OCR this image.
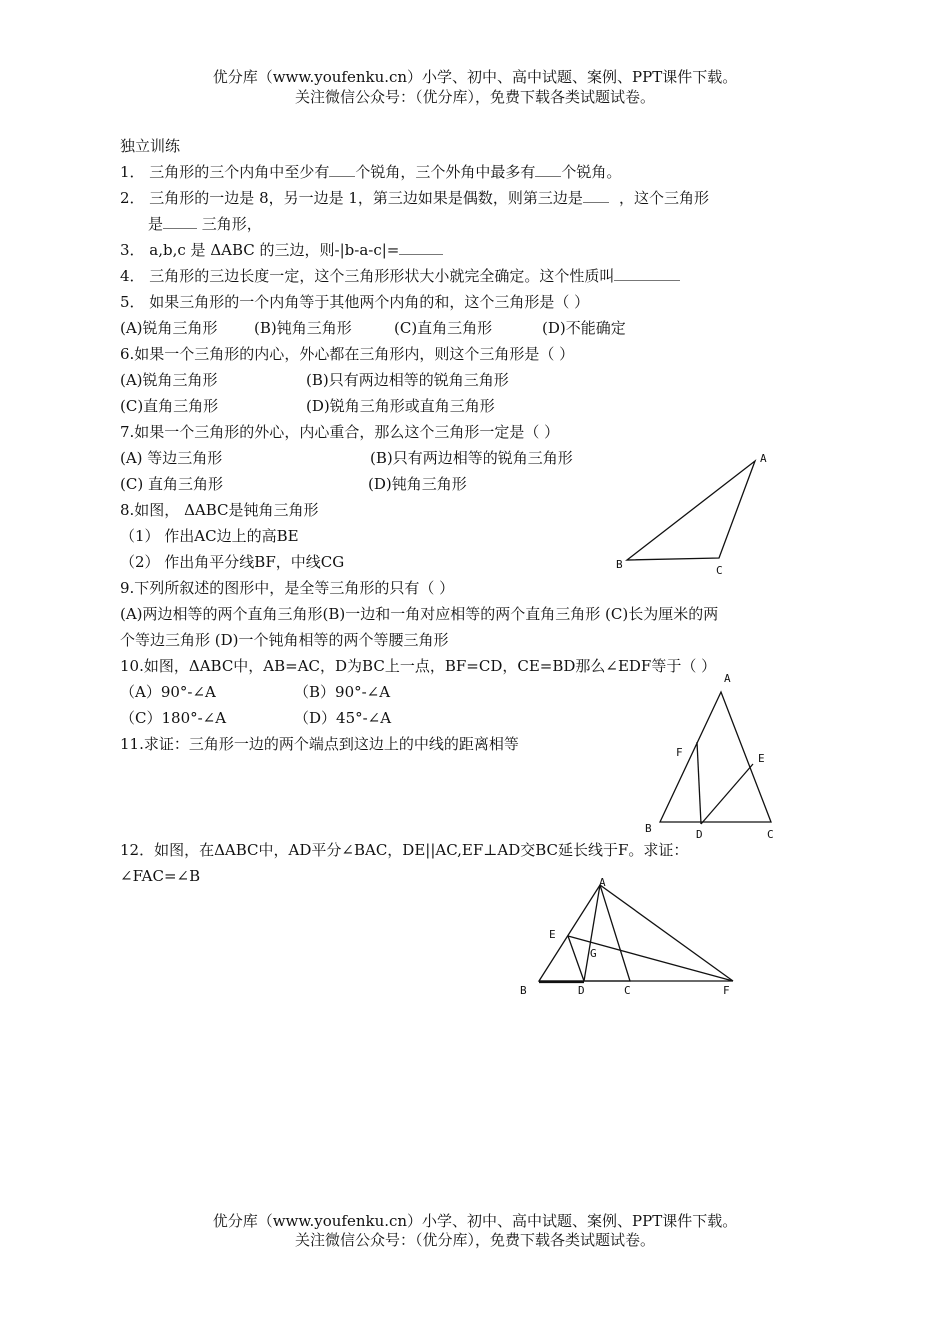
优分库（www.youfenku.cn）小学、初中、高中试题、案例、PPT课件下载。
关注微信公众号：（优分库），免费下载各类试题试卷。
独立训练
1． 三角形的三个内角中至少有 个锐角，三个外角中最多有 个锐角。
2． 三角形的一边是 8，另一边是 1，第三边如果是偶数，则第三边是 ，这个三角形
是 三角形，
3． a,b,c 是 ΔABC 的三边，则-|b-a-c|=
4． 三角形的三边长度一定，这个三角形形状大小就完全确定。这个性质叫
5． 如果三角形的一个内角等于其他两个内角的和，这个三角形是（ ）
(A)锐角三角形 (B)钝角三角形	(C)直角三角形	(D)不能确定
6.如果一个三角形的内心，外心都在三角形内，则这个三角形是（ ）
(A)锐角三角形	(B)只有两边相等的锐角三角形
(C)直角三角形	(D)锐角三角形或直角三角形
7.如果一个三角形的外心，内心重合，那么这个三角形一定是（ ）
(A) 等边三角形	(B)只有两边相等的锐角三角形
(C) 直角三角形	(D)钝角三角形
8.如图， ΔABC是钝角三角形
（1） 作出AC边上的高BE
（2） 作出角平分线BF，中线CG
A
B	C
9.下列所叙述的图形中，是全等三角形的只有（ ）
(A)两边相等的两个直角三角形(B)一边和一角对应相等的两个直角三角形 (C)长为厘米的两
个等边三角形 (D)一个钝角相等的两个等腰三角形
10.如图，ΔABC中，AB=AC，D为BC上一点，BF=CD，CE=BD那么∠EDF等于（ ）
（A）90°-∠A	（B）90°-∠A
（C）180°-∠A	（D）45°-∠A
11.求证：三角形一边的两个端点到这边上的中线的距离相等
A
B	C
D
E
F
12．如图，在ΔABC中，AD平分∠BAC，DE||AC,EF⊥AD交BC延长线于F。求证：
∠FAC=∠B	A
B	C
D
E
F
G
优分库（www.youfenku.cn）小学、初中、高中试题、案例、PPT课件下载。
关注微信公众号：（优分库），免费下载各类试题试卷。
